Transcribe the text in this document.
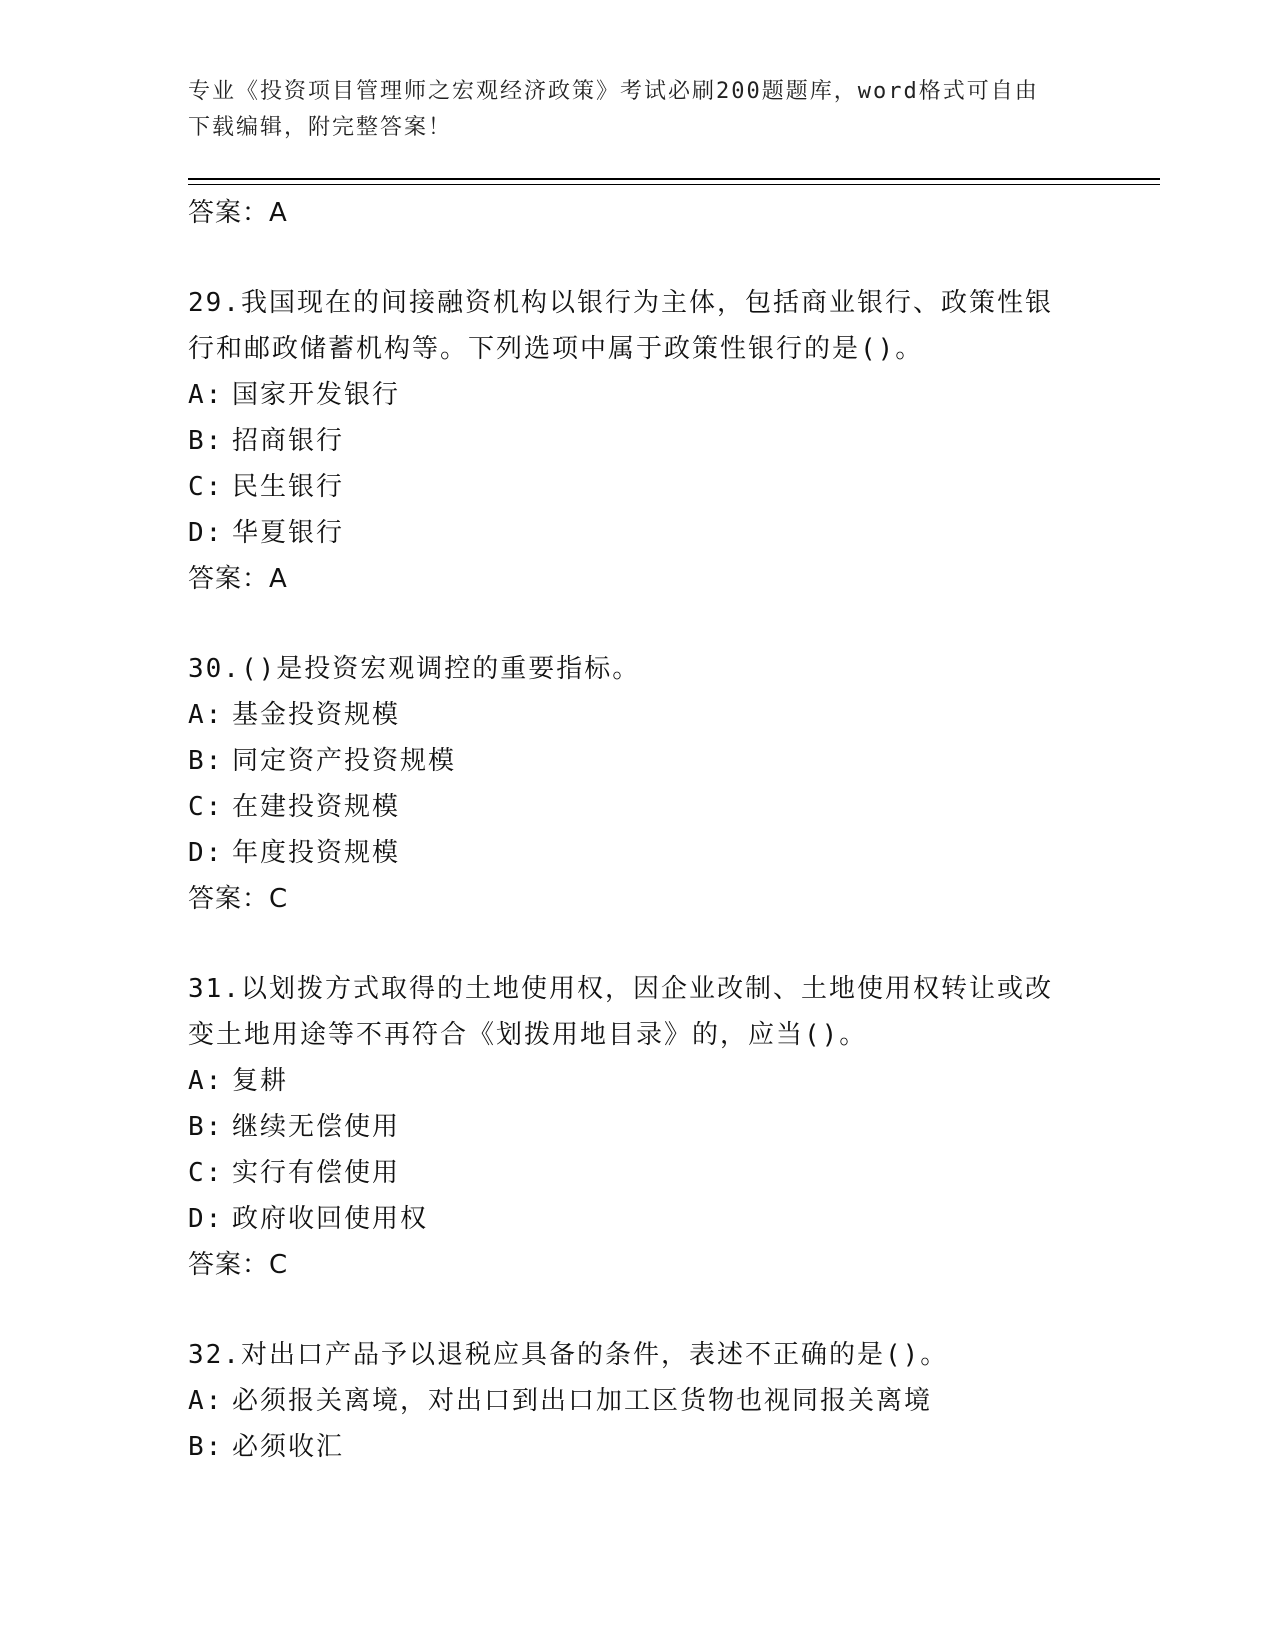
专业《投资项目管理师之宏观经济政策》考试必刷200题题库，word格式可自由
下载编辑，附完整答案！
答案：A
29.我国现在的间接融资机构以银行为主体，包括商业银行、政策性银
行和邮政储蓄机构等。下列选项中属于政策性银行的是()。
A: 国家开发银行
B: 招商银行
C: 民生银行
D: 华夏银行
答案：A
30.()是投资宏观调控的重要指标。
A: 基金投资规模
B: 同定资产投资规模
C: 在建投资规模
D: 年度投资规模
答案：C
31.以划拨方式取得的土地使用权，因企业改制、土地使用权转让或改
变土地用途等不再符合《划拨用地目录》的，应当()。
A: 复耕
B: 继续无偿使用
C: 实行有偿使用
D: 政府收回使用权
答案：C
32.对出口产品予以退税应具备的条件，表述不正确的是()。
A: 必须报关离境，对出口到出口加工区货物也视同报关离境
B: 必须收汇
